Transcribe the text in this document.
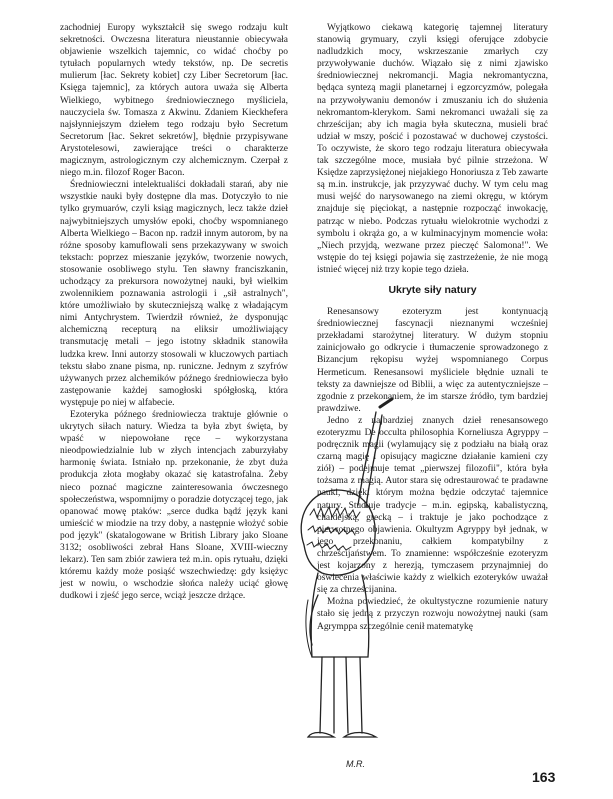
zachodniej Europy wykształcił się swego rodzaju kult sekretności. Owczesna literatura nieustannie obiecywała objawienie wszelkich tajemnic, co widać choćby po tytułach popularnych wtedy tekstów, np. De secretis mulierum [łac. Sekrety kobiet] czy Liber Secretorum [łac. Księga tajemnic], za których autora uważa się Alberta Wielkiego, wybitnego średniowiecznego myśliciela, nauczyciela św. Tomasza z Akwinu. Zdaniem Kieckhefera najsłynniejszym dziełem tego rodzaju było Secretum Secretorum [łac. Sekret sekretów], błędnie przypisywane Arystotelesowi, zawierające treści o charakterze magicznym, astrologicznym czy alchemicznym. Czerpał z niego m.in. filozof Roger Bacon.

Średniowieczni intelektualiści dokładali starań, aby nie wszystkie nauki były dostępne dla mas. Dotyczyło to nie tylko grymuarów, czyli ksiąg magicznych, lecz także dzieł najwybitniejszych umysłów epoki, choćby wspomnianego Alberta Wielkiego – Bacon np. radził innym autorom, by na różne sposoby kamuflowali sens przekazywany w swoich tekstach: poprzez mieszanie języków, tworzenie nowych, stosowanie osobliwego stylu. Ten sławny franciszkanin, uchodzący za prekursora nowożytnej nauki, był wielkim zwolennikiem poznawania astrologii i „sił astralnych", które umożliwiało by skuteczniejszą walkę z władającym nimi Antychrystem. Twierdził również, że dysponując alchemiczną recepturą na eliksir umożliwiający transmutację metali – jego istotny składnik stanowiła ludzka krew. Inni autorzy stosowali w kluczowych partiach tekstu słabo znane pisma, np. runiczne. Jednym z szyfrów używanych przez alchemików późnego średniowiecza było zastępowanie każdej samogłoski spółgłoską, która występuje po niej w alfabecie.

Ezoteryka późnego średniowiecza traktuje głównie o ukrytych siłach natury. Wiedza ta była zbyt święta, by wpaść w niepowołane ręce – wykorzystana nieodpowiedzialnie lub w złych intencjach zaburzyłaby harmonię świata. Istniało np. przekonanie, że zbyt duża produkcja złota mogłaby okazać się katastrofalna. Żeby nieco poznać magiczne zainteresowania ówczesnego społeczeństwa, wspomnijmy o poradzie dotyczącej tego, jak opanować mowę ptaków: „serce dudka bądź język kani umieścić w miodzie na trzy doby, a następnie włożyć sobie pod język" (skatalogowane w British Library jako Sloane 3132; osobliwości zebrał Hans Sloane, XVIII-wieczny lekarz). Ten sam zbiór zawiera też m.in. opis rytuału, dzięki któremu każdy może posiąść wszechwiedzę: gdy księżyc jest w nowiu, o wschodzie słońca należy uciąć głowę dudkowi i zjeść jego serce, wciąż jeszcze drżące.

Wyjątkowo ciekawą kategorię tajemnej literatury stanowią grymuary, czyli księgi oferujące zdobycie nadludzkich mocy, wskrzeszanie zmarłych czy przywoływanie duchów. Wiązało się z nimi zjawisko średniowiecznej nekromancji. Magia nekromantyczna, będąca syntezą magii planetarnej i egzorcyzmów, polegała na przywoływaniu demonów i zmuszaniu ich do służenia nekromantom-klerykom. Sami nekromanci uważali się za chrześcijan; aby ich magia była skuteczna, musieli brać udział w mszy, pościć i pozostawać w duchowej czystości. To oczywiste, że skoro tego rodzaju literatura obiecywała tak szczególne moce, musiała być pilnie strzeżona. W Księdze zaprzysiężonej niejakiego Honoriusza z Teb zawarte są m.in. instrukcje, jak przyzywać duchy. W tym celu mag musi wejść do narysowanego na ziemi okręgu, w którym znajduje się pięciokąt, a następnie rozpocząć inwokację, patrząc w niebo. Podczas rytuału wielokrotnie wychodzi z symbolu i okrąża go, a w kulminacyjnym momencie woła: „Niech przyjdą, wezwane przez pieczęć Salomona!". We wstępie do tej księgi pojawia się zastrzeżenie, że nie mogą istnieć więcej niż trzy kopie tego dzieła.

Ukryte siły natury

Renesansowy ezoteryzm jest kontynuacją średniowiecznej fascynacji nieznanymi wcześniej przekładami starożytnej literatury. W dużym stopniu zainicjowało go odkrycie i tłumaczenie sprowadzonego z Bizancjum rękopisu wyżej wspomnianego Corpus Hermeticum. Renesansowi myśliciele błędnie uznali te teksty za dawniejsze od Biblii, a więc za autentyczniejsze – zgodnie z przekonaniem, że im starsze źródło, tym bardziej prawdziwe.

Jedno z najbardziej znanych dzieł renesansowego ezoteryzmu De occulta philosophia Korneliusza Agryppy – podręcznik magii (wylamujący się z podziału na białą oraz czarną magię i opisujący magiczne działanie kamieni czy ziół) – podejmuje temat „pierwszej filozofii", która była tożsama z magią. Autor stara się odrestaurować te pradawne nauki, dzięki którym można będzie odczytać tajemnice natury. Studiuje tradycje – m.in. egipską, kabalistyczną, chaldejską, grecką – i traktuje je jako pochodzące z pierwotnego objawienia. Okultyzm Agryppy był jednak, w jego przekonaniu, całkiem kompatybilny z chrześcijaństwem. To znamienne: współcześnie ezoteryzm jest kojarzony z herezją, tymczasem przynajmniej do oświecenia właściwie każdy z wielkich ezoteryków uważał się za chrześcijanina.

Można powiedzieć, że okultystyczne rozumienie natury stało się jedną z przyczyn rozwoju nowożytnej nauki (sam Agrymppa szczególnie cenił matematykę

M.R.
163
